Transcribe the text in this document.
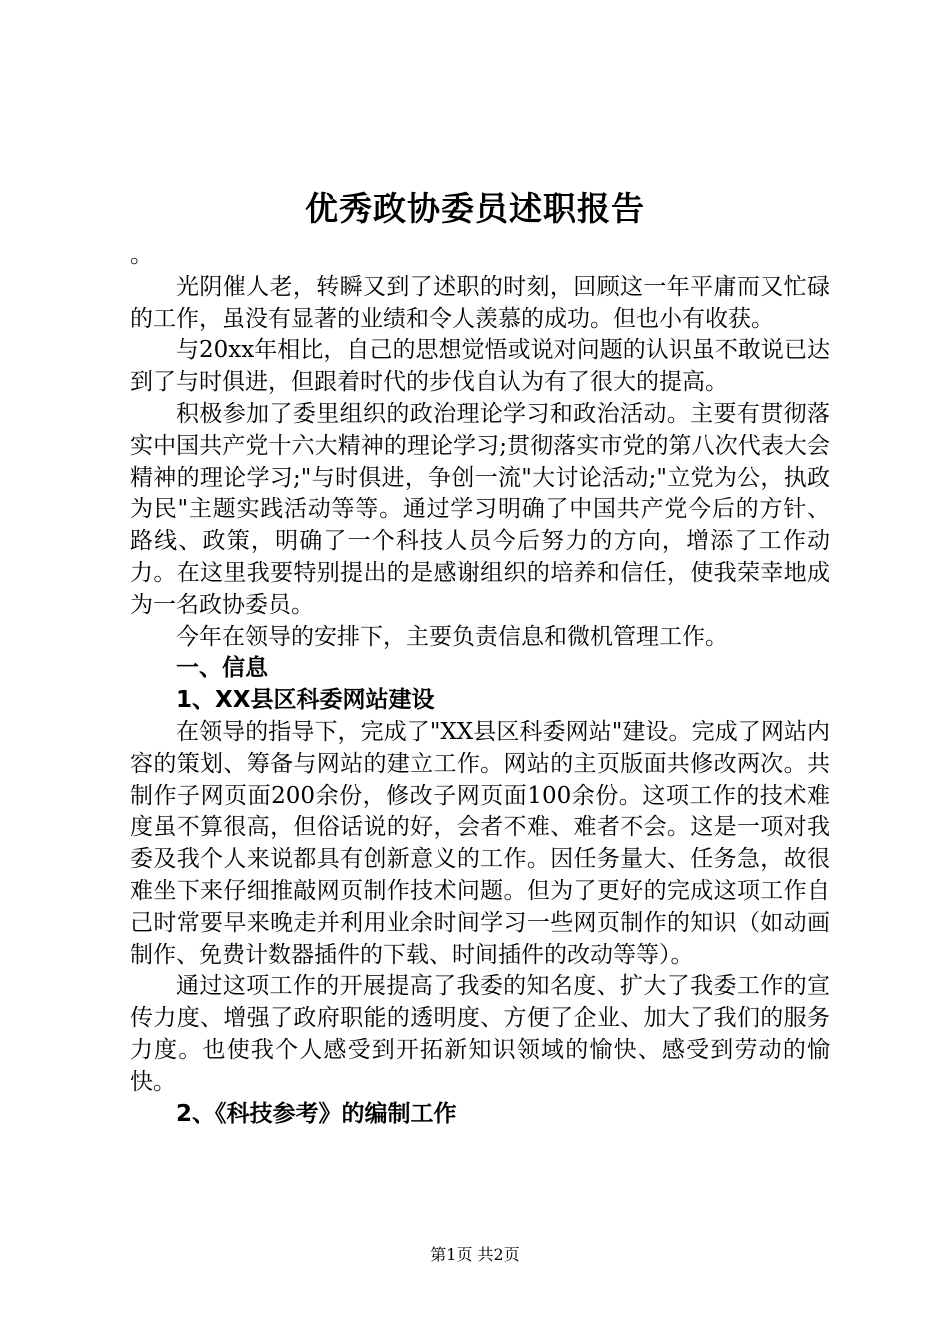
优秀政协委员述职报告

。

光阴催人老，转瞬又到了述职的时刻，回顾这一年平庸而又忙碌的工作，虽没有显著的业绩和令人羡慕的成功。但也小有收获。

与20xx年相比，自己的思想觉悟或说对问题的认识虽不敢说已达到了与时俱进，但跟着时代的步伐自认为有了很大的提高。

积极参加了委里组织的政治理论学习和政治活动。主要有贯彻落实中国共产党十六大精神的理论学习;贯彻落实市党的第八次代表大会精神的理论学习;"与时俱进，争创一流"大讨论活动;"立党为公，执政为民"主题实践活动等等。通过学习明确了中国共产党今后的方针、路线、政策，明确了一个科技人员今后努力的方向，增添了工作动力。在这里我要特别提出的是感谢组织的培养和信任，使我荣幸地成为一名政协委员。

今年在领导的安排下，主要负责信息和微机管理工作。

一、信息

1、XX县区科委网站建设

在领导的指导下，完成了"XX县区科委网站"建设。完成了网站内容的策划、筹备与网站的建立工作。网站的主页版面共修改两次。共制作子网页面200余份，修改子网页面100余份。这项工作的技术难度虽不算很高，但俗话说的好，会者不难、难者不会。这是一项对我委及我个人来说都具有创新意义的工作。因任务量大、任务急，故很难坐下来仔细推敲网页制作技术问题。但为了更好的完成这项工作自己时常要早来晚走并利用业余时间学习一些网页制作的知识（如动画制作、免费计数器插件的下载、时间插件的改动等等）。

通过这项工作的开展提高了我委的知名度、扩大了我委工作的宣传力度、增强了政府职能的透明度、方便了企业、加大了我们的服务力度。也使我个人感受到开拓新知识领域的愉快、感受到劳动的愉快。

2、《科技参考》的编制工作

第1页 共2页
